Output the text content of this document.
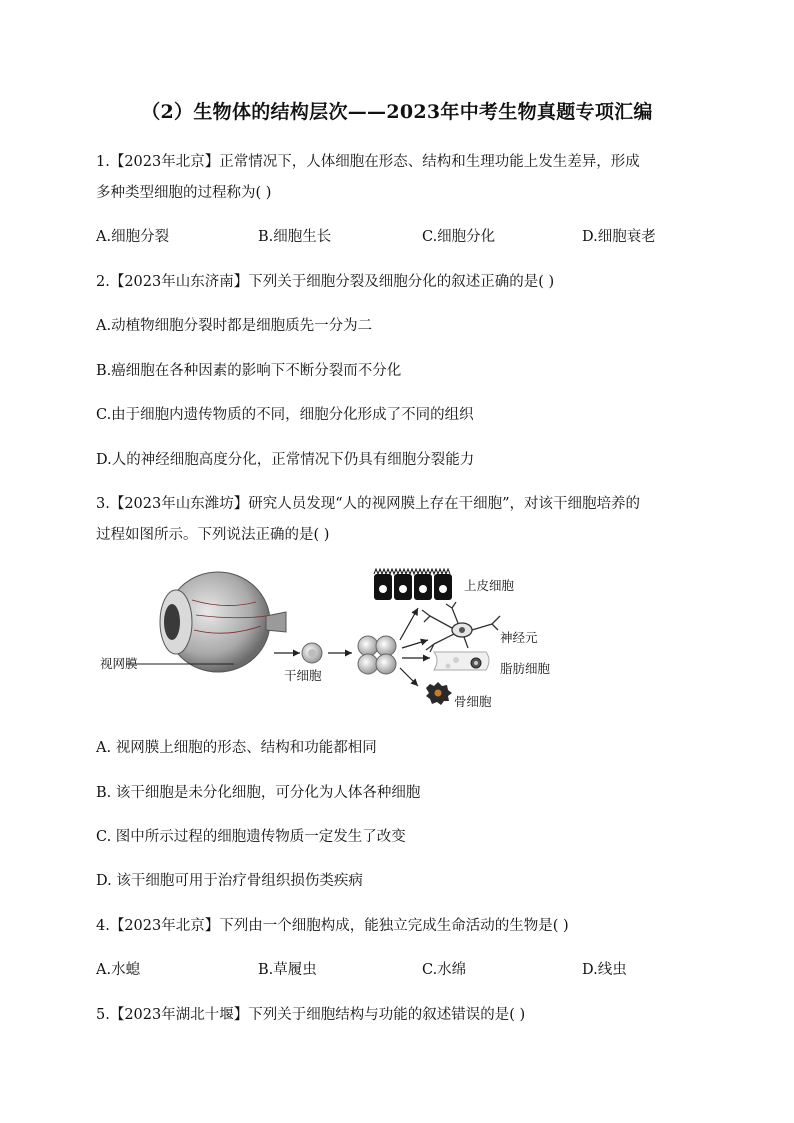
（2）生物体的结构层次——2023年中考生物真题专项汇编
1.【2023年北京】正常情况下，人体细胞在形态、结构和生理功能上发生差异，形成
多种类型细胞的过程称为( )
A.细胞分裂	B.细胞生长	C.细胞分化	D.细胞衰老
2.【2023年山东济南】下列关于细胞分裂及细胞分化的叙述正确的是( )
A.动植物细胞分裂时都是细胞质先一分为二
B.癌细胞在各种因素的影响下不断分裂而不分化
C.由于细胞内遗传物质的不同，细胞分化形成了不同的组织
D.人的神经细胞高度分化，正常情况下仍具有细胞分裂能力
3.【2023年山东潍坊】研究人员发现“人的视网膜上存在干细胞”，对该干细胞培养的
过程如图所示。下列说法正确的是( )
视网膜
干细胞
上皮细胞
神经元
脂肪细胞
骨细胞
A. 视网膜上细胞的形态、结构和功能都相同
B. 该干细胞是未分化细胞，可分化为人体各种细胞
C. 图中所示过程的细胞遗传物质一定发生了改变
D. 该干细胞可用于治疗骨组织损伤类疾病
4.【2023年北京】下列由一个细胞构成，能独立完成生命活动的生物是( )
A.水螅	B.草履虫	C.水绵	D.线虫
5.【2023年湖北十堰】下列关于细胞结构与功能的叙述错误的是( )
